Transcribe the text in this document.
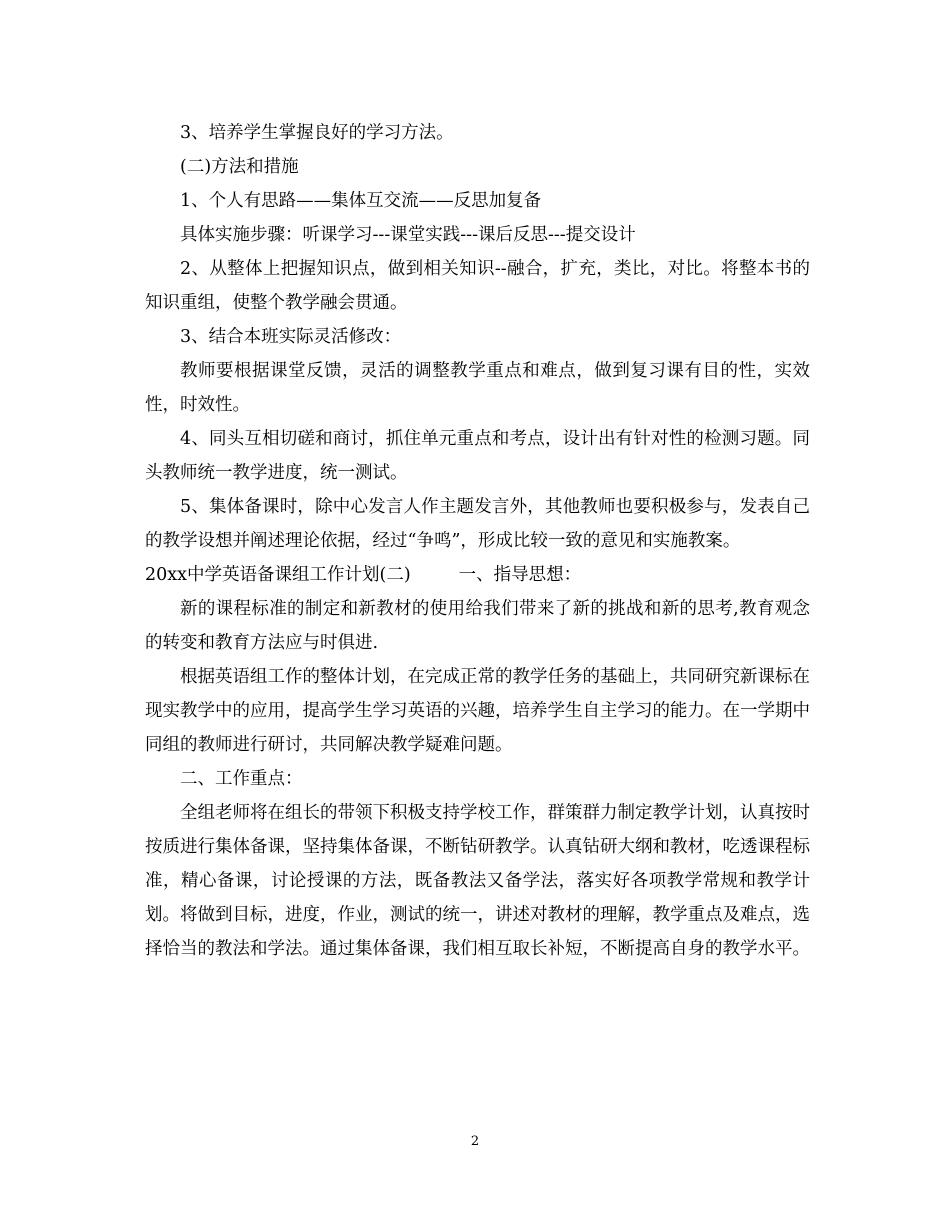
3、培养学生掌握良好的学习方法。

(二)方法和措施

1、个人有思路——集体互交流——反思加复备

具体实施步骤：听课学习---课堂实践---课后反思---提交设计

2、从整体上把握知识点，做到相关知识--融合，扩充，类比，对比。将整本书的知识重组，使整个教学融会贯通。

3、结合本班实际灵活修改：

教师要根据课堂反馈，灵活的调整教学重点和难点，做到复习课有目的性，实效性，时效性。

4、同头互相切磋和商讨，抓住单元重点和考点，设计出有针对性的检测习题。同头教师统一教学进度，统一测试。

5、集体备课时，除中心发言人作主题发言外，其他教师也要积极参与，发表自己的教学设想并阐述理论依据，经过“争鸣”，形成比较一致的意见和实施教案。

20xx中学英语备课组工作计划(二)	一、指导思想：

新的课程标准的制定和新教材的使用给我们带来了新的挑战和新的思考,教育观念的转变和教育方法应与时俱进.

根据英语组工作的整体计划，在完成正常的教学任务的基础上，共同研究新课标在现实教学中的应用，提高学生学习英语的兴趣，培养学生自主学习的能力。在一学期中同组的教师进行研讨，共同解决教学疑难问题。

二、工作重点：

全组老师将在组长的带领下积极支持学校工作，群策群力制定教学计划，认真按时按质进行集体备课，坚持集体备课，不断钻研教学。认真钻研大纲和教材，吃透课程标准，精心备课，讨论授课的方法，既备教法又备学法，落实好各项教学常规和教学计划。将做到目标，进度，作业，测试的统一，讲述对教材的理解，教学重点及难点，选择恰当的教法和学法。通过集体备课，我们相互取长补短，不断提高自身的教学水平。

2
